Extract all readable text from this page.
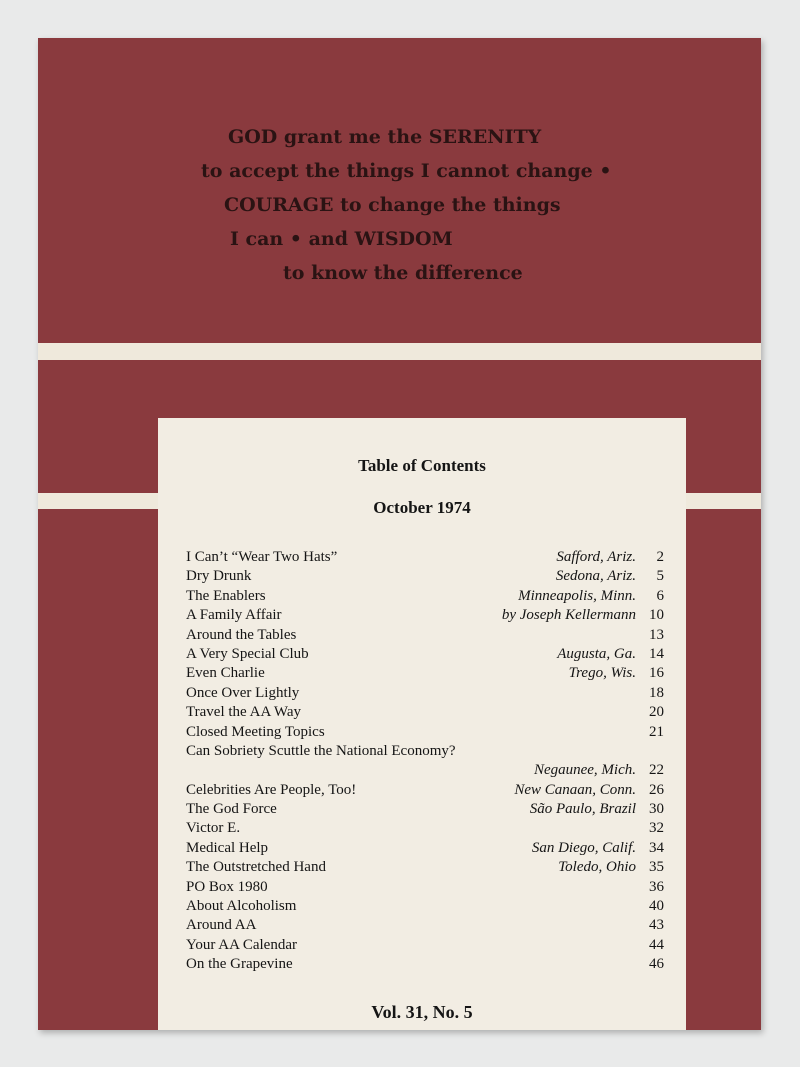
GOD grant me the SERENITY
to accept the things I cannot change •
COURAGE to change the things
I can • and WISDOM
to know the difference
Table of Contents
October 1974
I Can’t “Wear Two Hats”	Safford, Ariz. 2
Dry Drunk	Sedona, Ariz. 5
The Enablers	Minneapolis, Minn. 6
A Family Affair	by Joseph Kellermann 10
Around the Tables	13
A Very Special Club	Augusta, Ga. 14
Even Charlie	Trego, Wis. 16
Once Over Lightly	18
Travel the AA Way	20
Closed Meeting Topics	21
Can Sobriety Scuttle the National Economy?
Negaunee, Mich. 22
Celebrities Are People, Too!	New Canaan, Conn. 26
The God Force	São Paulo, Brazil 30
Victor E.	32
Medical Help	San Diego, Calif. 34
The Outstretched Hand	Toledo, Ohio 35
PO Box 1980	36
About Alcoholism	40
Around AA	43
Your AA Calendar	44
On the Grapevine	46
Vol. 31, No. 5
